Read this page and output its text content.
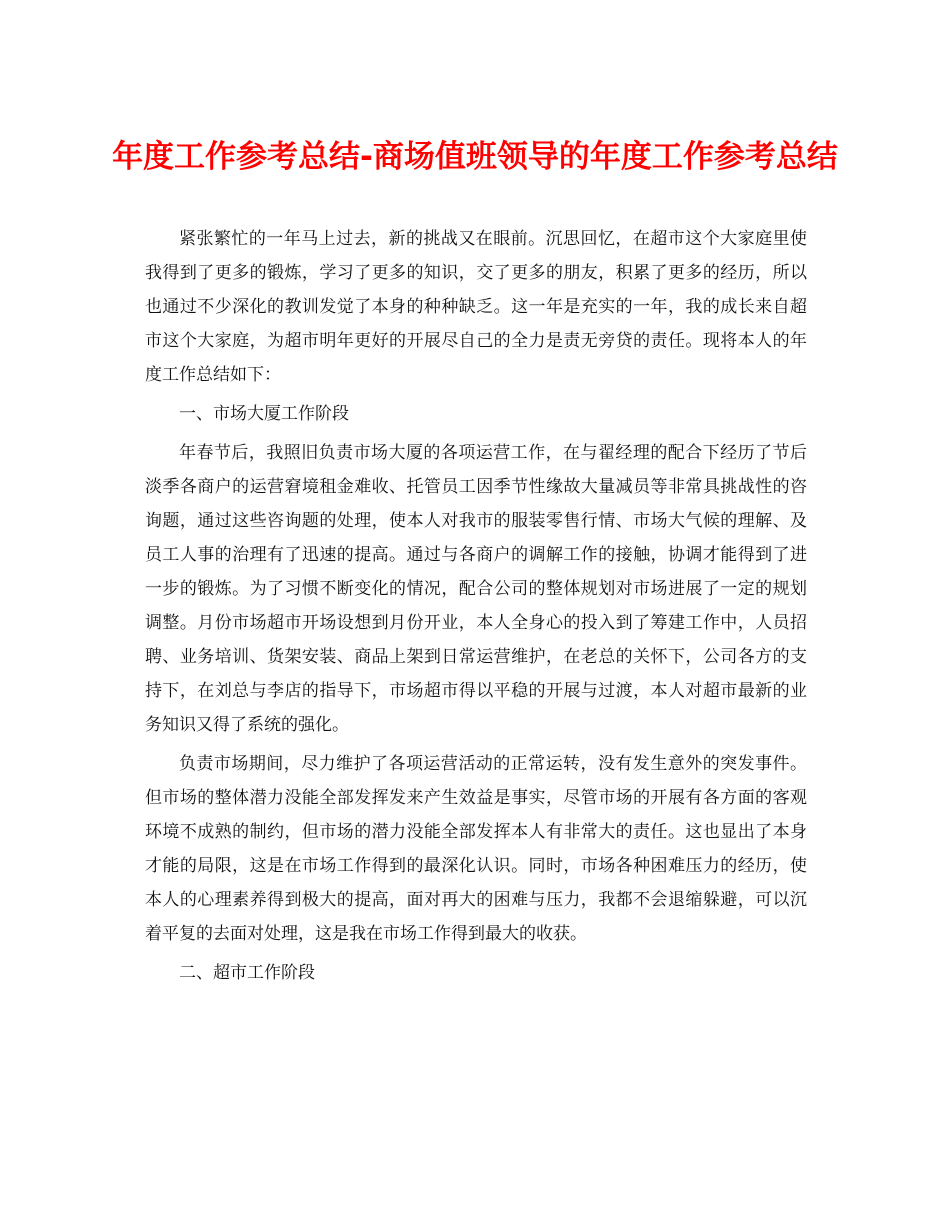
年度工作参考总结-商场值班领导的年度工作参考总结

紧张繁忙的一年马上过去，新的挑战又在眼前。沉思回忆，在超市这个大家庭里使我得到了更多的锻炼，学习了更多的知识，交了更多的朋友，积累了更多的经历，所以也通过不少深化的教训发觉了本身的种种缺乏。这一年是充实的一年，我的成长来自超市这个大家庭，为超市明年更好的开展尽自己的全力是责无旁贷的责任。现将本人的年度工作总结如下：

一、市场大厦工作阶段

年春节后，我照旧负责市场大厦的各项运营工作，在与翟经理的配合下经历了节后淡季各商户的运营窘境租金难收、托管员工因季节性缘故大量减员等非常具挑战性的咨询题，通过这些咨询题的处理，使本人对我市的服装零售行情、市场大气候的理解、及员工人事的治理有了迅速的提高。通过与各商户的调解工作的接触，协调才能得到了进一步的锻炼。为了习惯不断变化的情况，配合公司的整体规划对市场进展了一定的规划调整。月份市场超市开场设想到月份开业，本人全身心的投入到了筹建工作中，人员招聘、业务培训、货架安装、商品上架到日常运营维护，在老总的关怀下，公司各方的支持下，在刘总与李店的指导下，市场超市得以平稳的开展与过渡，本人对超市最新的业务知识又得了系统的强化。

负责市场期间，尽力维护了各项运营活动的正常运转，没有发生意外的突发事件。但市场的整体潜力没能全部发挥发来产生效益是事实，尽管市场的开展有各方面的客观环境不成熟的制约，但市场的潜力没能全部发挥本人有非常大的责任。这也显出了本身才能的局限，这是在市场工作得到的最深化认识。同时，市场各种困难压力的经历，使本人的心理素养得到极大的提高，面对再大的困难与压力，我都不会退缩躲避，可以沉着平复的去面对处理，这是我在市场工作得到最大的收获。

二、超市工作阶段
